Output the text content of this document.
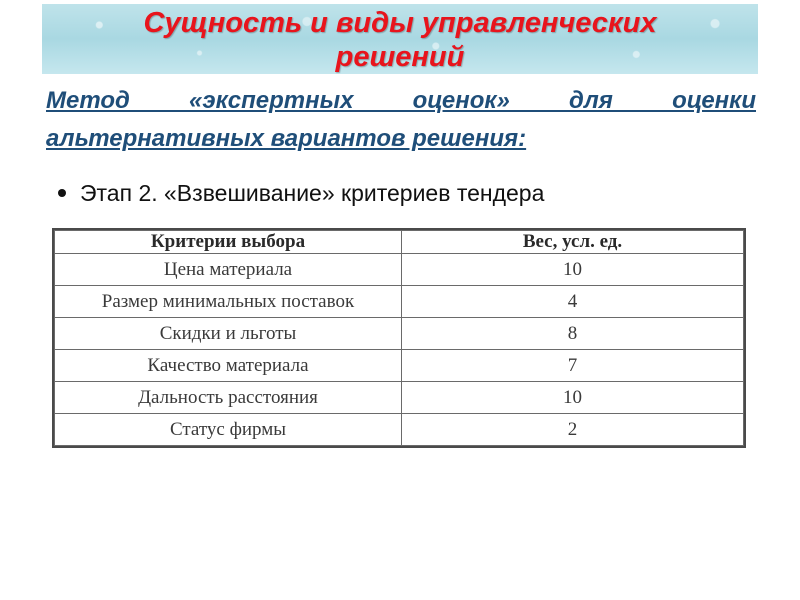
Сущность и виды управленческих решений
Метод «экспертных оценок» для оценки альтернативных вариантов решения:
Этап 2. «Взвешивание» критериев тендера
Критерии выбора	Вес, усл. ед.
Цена материала	10
Размер минимальных поставок	4
Скидки и льготы	8
Качество материала	7
Дальность расстояния	10
Статус фирмы	2
